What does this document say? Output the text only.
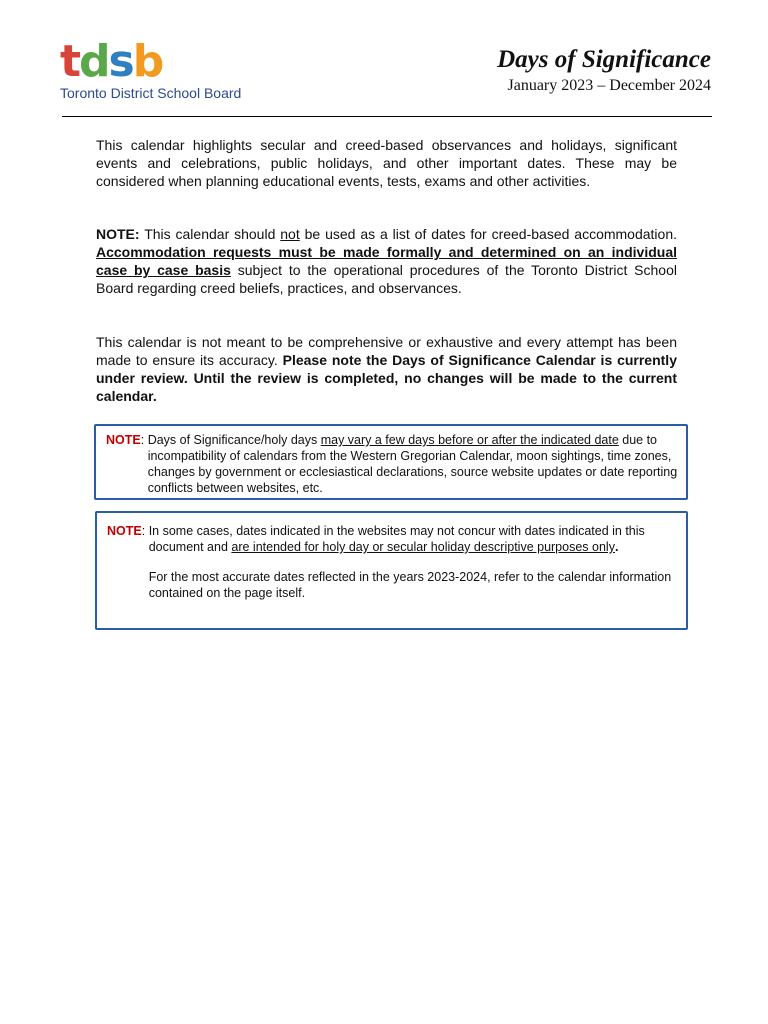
tdsb
Toronto District School Board
Days of Significance
January 2023 – December 2024
This calendar highlights secular and creed-based observances and holidays, significant events and celebrations, public holidays, and other important dates. These may be considered when planning educational events, tests, exams and other activities.
NOTE: This calendar should not be used as a list of dates for creed-based accommodation. Accommodation requests must be made formally and determined on an individual case by case basis subject to the operational procedures of the Toronto District School Board regarding creed beliefs, practices, and observances.
This calendar is not meant to be comprehensive or exhaustive and every attempt has been made to ensure its accuracy. Please note the Days of Significance Calendar is currently under review. Until the review is completed, no changes will be made to the current calendar.
NOTE : Days of Significance/holy days may vary a few days before or after the indicated date due to incompatibility of calendars from the Western Gregorian Calendar, moon sightings, time zones, changes by government or ecclesiastical declarations, source website updates or date reporting conflicts between websites, etc.
NOTE : In some cases, dates indicated in the websites may not concur with dates indicated in this document and are intended for holy day or secular holiday descriptive purposes only.
For the most accurate dates reflected in the years 2023-2024, refer to the calendar information contained on the page itself.
